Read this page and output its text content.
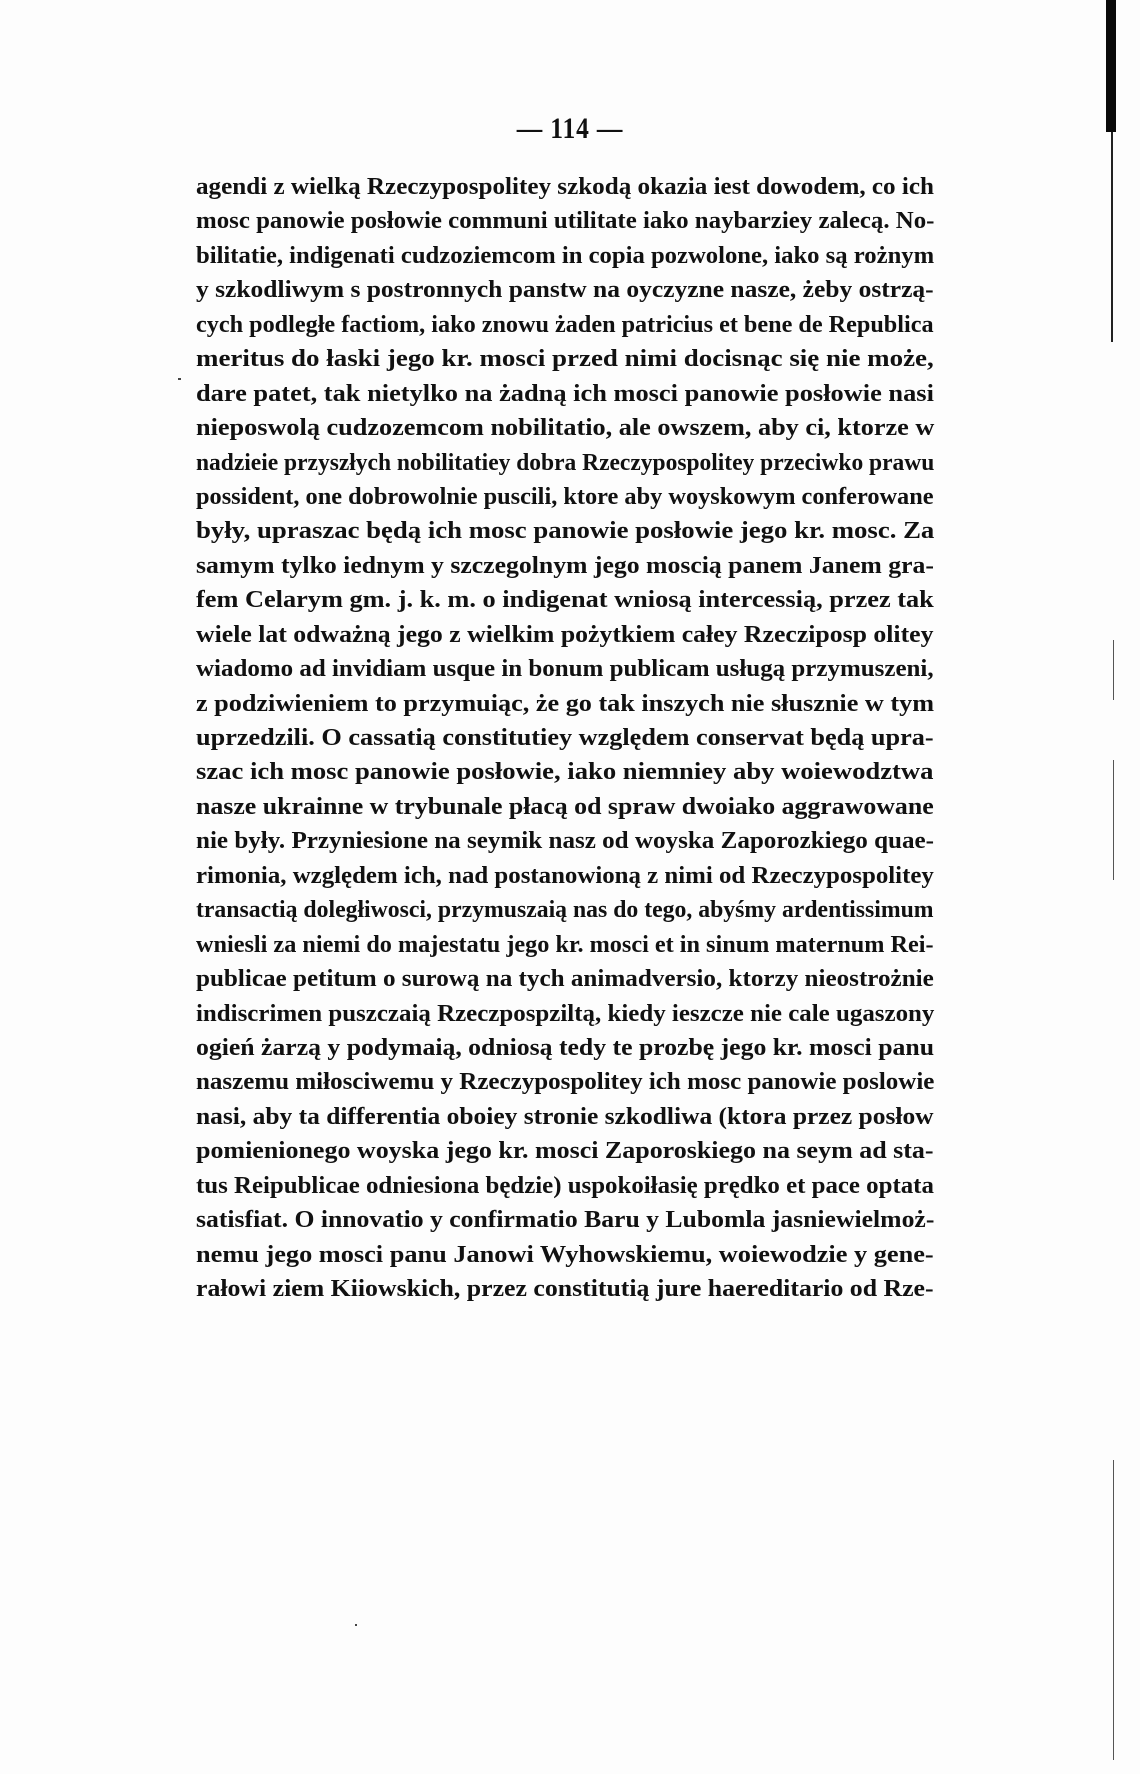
— 114 —
agendi z wielką Rzeczypospolitey szkodą okazia iest dowodem, co ich
mosc panowie posłowie communi utilitate iako naybarziey zalecą. No-
bilitatie, indigenati cudzoziemcom in copia pozwolone, iako są rożnym
y szkodliwym s postronnych panstw na oyczyzne nasze, żeby ostrzą-
cych podległe factiom, iako znowu żaden patricius et bene de Republica
meritus do łaski jego kr. mosci przed nimi docisnąc się nie może,
dare patet, tak nietylko na żadną ich mosci panowie posłowie nasi
nieposwolą cudzozemcom nobilitatio, ale owszem, aby ci, ktorze w
nadzieie przyszłych nobilitatiey dobra Rzeczypospolitey przeciwko prawu
possident, one dobrowolnie puscili, ktore aby woyskowym conferowane
były, upraszac będą ich mosc panowie posłowie jego kr. mosc. Za
samym tylko iednym y szczegolnym jego moscią panem Janem gra-
fem Celarym gm. j. k. m. o indigenat wniosą intercessią, przez tak
wiele lat odważną jego z wielkim pożytkiem całey Rzecziposp olitey
wiadomo ad invidiam usque in bonum publicam usługą przymuszeni,
z podziwieniem to przymuiąc, że go tak inszych nie słusznie w tym
uprzedzili. O cassatią constitutiey względem conservat będą upra-
szac ich mosc panowie posłowie, iako niemniey aby woiewodztwa
nasze ukrainne w trybunale płacą od spraw dwoiako aggrawowane
nie były. Przyniesione na seymik nasz od woyska Zaporozkiego quae-
rimonia, względem ich, nad postanowioną z nimi od Rzeczypospolitey
transactią doległiwosci, przymuszaią nas do tego, abyśmy ardentissimum
wniesli za niemi do majestatu jego kr. mosci et in sinum maternum Rei-
publicae petitum o surową na tych animadversio, ktorzy nieostrożnie
indiscrimen puszczaią Rzeczpospziltą, kiedy ieszcze nie cale ugaszony
ogień żarzą y podymaią, odniosą tedy te prozbę jego kr. mosci panu
naszemu miłosciwemu y Rzeczypospolitey ich mosc panowie poslowie
nasi, aby ta differentia oboiey stronie szkodliwa (ktora przez posłow
pomienionego woyska jego kr. mosci Zaporoskiego na seym ad sta-
tus Reipublicae odniesiona będzie) uspokoiłasię prędko et pace optata
satisfiat. O innovatio y confirmatio Baru y Lubomla jasniewielmoż-
nemu jego mosci panu Janowi Wyhowskiemu, woiewodzie y gene-
rałowi ziem Kiiowskich, przez constitutią jure haereditario od Rze-
